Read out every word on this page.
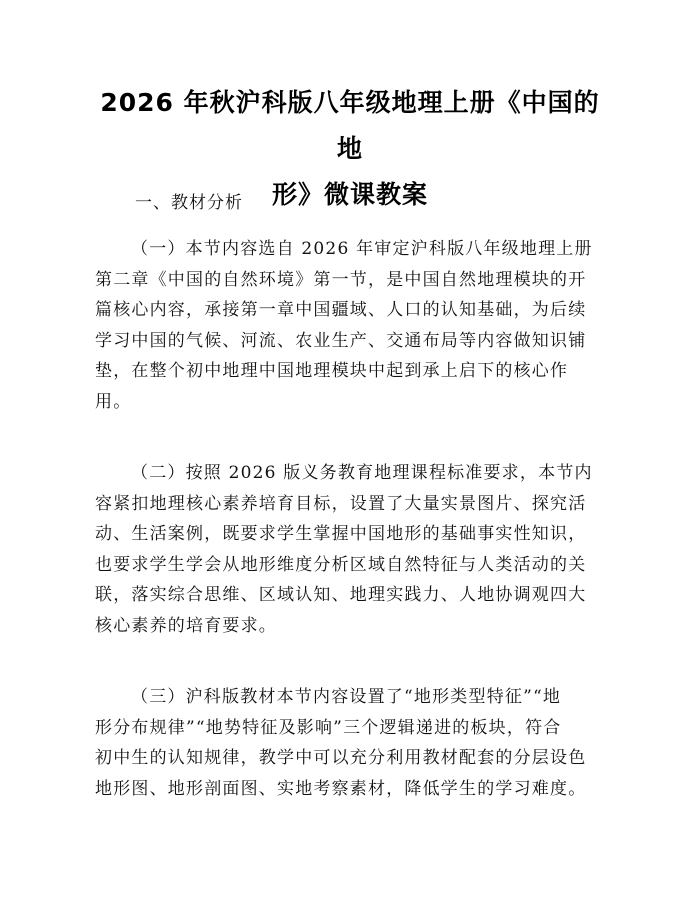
2026 年秋沪科版八年级地理上册《中国的地
形》微课教案

一、教材分析

（一）本节内容选自 2026 年审定沪科版八年级地理上册
第二章《中国的自然环境》第一节，是中国自然地理模块的开
篇核心内容，承接第一章中国疆域、人口的认知基础，为后续
学习中国的气候、河流、农业生产、交通布局等内容做知识铺
垫，在整个初中地理中国地理模块中起到承上启下的核心作
用。
（二）按照 2026 版义务教育地理课程标准要求，本节内
容紧扣地理核心素养培育目标，设置了大量实景图片、探究活
动、生活案例，既要求学生掌握中国地形的基础事实性知识，
也要求学生学会从地形维度分析区域自然特征与人类活动的关
联，落实综合思维、区域认知、地理实践力、人地协调观四大
核心素养的培育要求。
（三）沪科版教材本节内容设置了“地形类型特征”“地
形分布规律”“地势特征及影响”三个逻辑递进的板块，符合
初中生的认知规律，教学中可以充分利用教材配套的分层设色
地形图、地形剖面图、实地考察素材，降低学生的学习难度。
